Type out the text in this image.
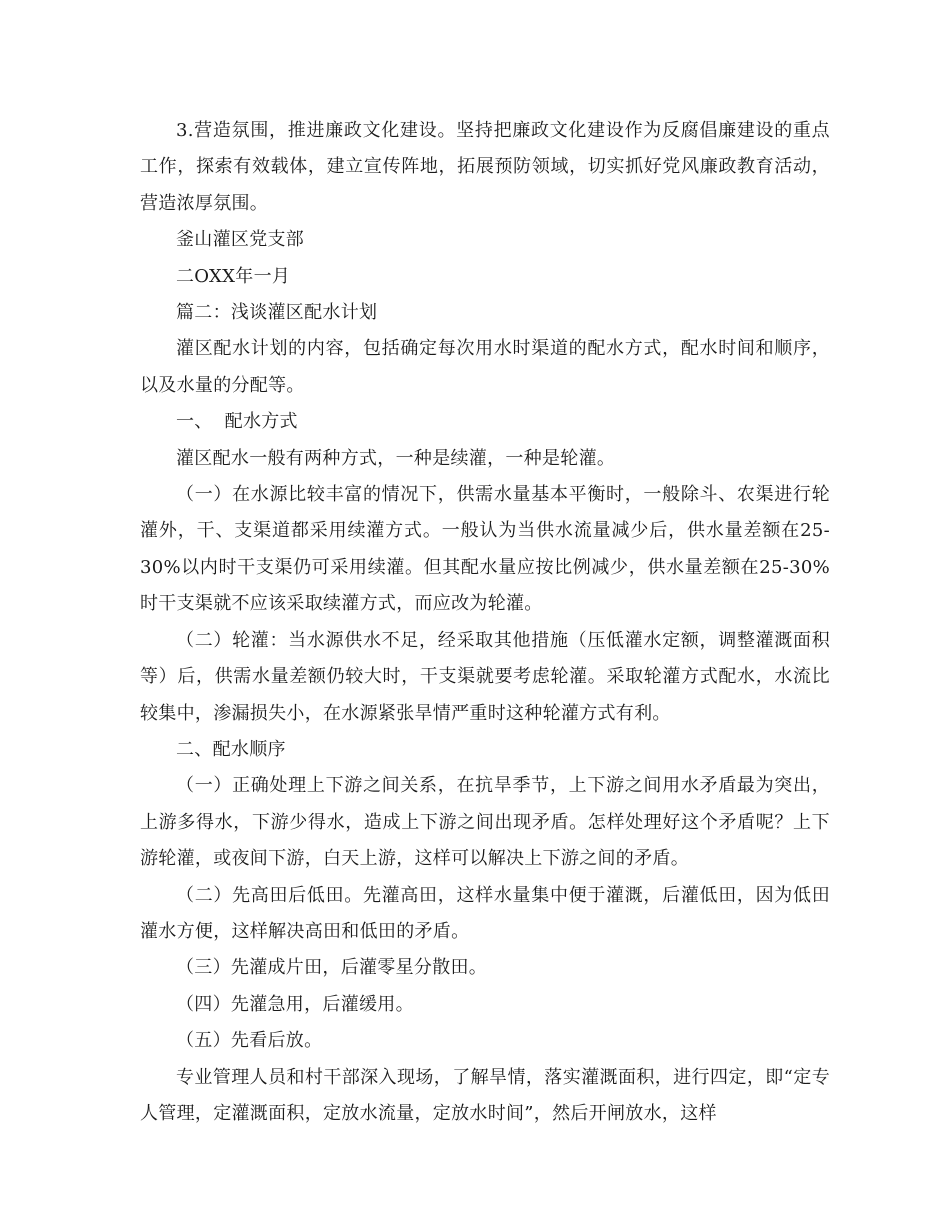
3.营造氛围，推进廉政文化建设。坚持把廉政文化建设作为反腐倡廉建设的重点工作，探索有效载体，建立宣传阵地，拓展预防领域，切实抓好党风廉政教育活动，营造浓厚氛围。

釜山灌区党支部

二OXX年一月

篇二：浅谈灌区配水计划

灌区配水计划的内容，包括确定每次用水时渠道的配水方式，配水时间和顺序，以及水量的分配等。

一、  配水方式

灌区配水一般有两种方式，一种是续灌，一种是轮灌。

（一）在水源比较丰富的情况下，供需水量基本平衡时，一般除斗、农渠进行轮灌外，干、支渠道都采用续灌方式。一般认为当供水流量减少后，供水量差额在25-30%以内时干支渠仍可采用续灌。但其配水量应按比例减少，供水量差额在25-30%时干支渠就不应该采取续灌方式，而应改为轮灌。

（二）轮灌：当水源供水不足，经采取其他措施（压低灌水定额，调整灌溉面积等）后，供需水量差额仍较大时，干支渠就要考虑轮灌。采取轮灌方式配水，水流比较集中，渗漏损失小，在水源紧张旱情严重时这种轮灌方式有利。

二、配水顺序

（一）正确处理上下游之间关系，在抗旱季节，上下游之间用水矛盾最为突出，上游多得水，下游少得水，造成上下游之间出现矛盾。怎样处理好这个矛盾呢？上下游轮灌，或夜间下游，白天上游，这样可以解决上下游之间的矛盾。

（二）先高田后低田。先灌高田，这样水量集中便于灌溉，后灌低田，因为低田灌水方便，这样解决高田和低田的矛盾。

（三）先灌成片田，后灌零星分散田。

（四）先灌急用，后灌缓用。

（五）先看后放。

专业管理人员和村干部深入现场，了解旱情，落实灌溉面积，进行四定，即“定专人管理，定灌溉面积，定放水流量，定放水时间”，然后开闸放水，这样
